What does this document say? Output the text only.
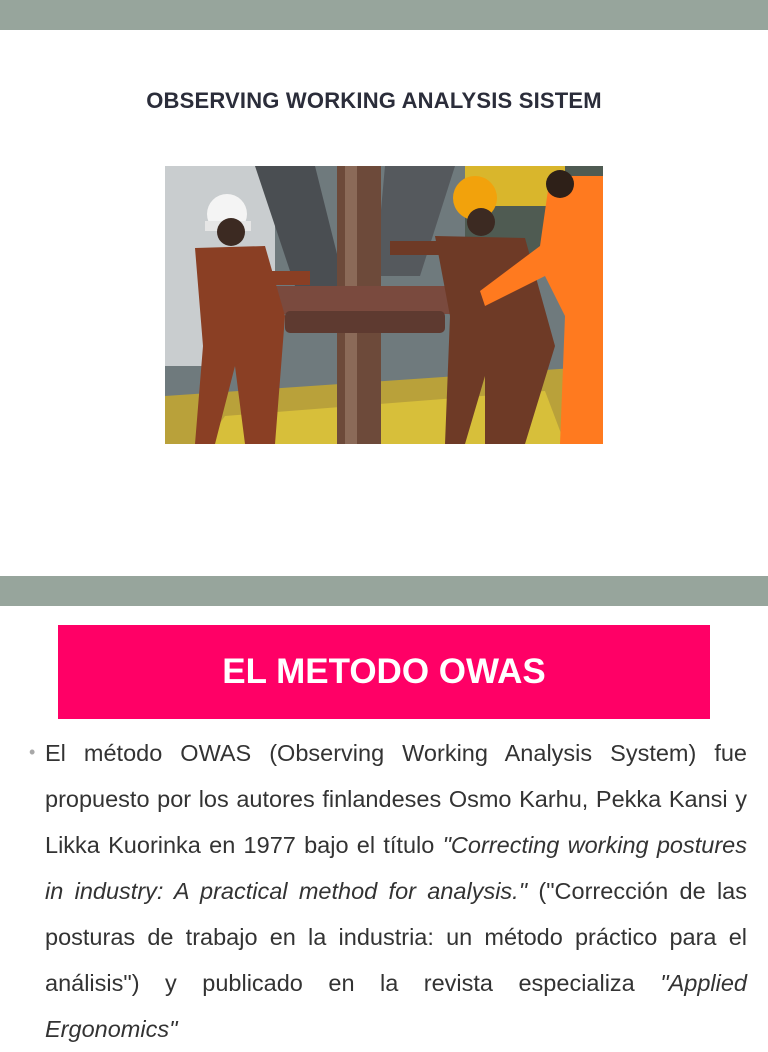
OBSERVING WORKING ANALYSIS SISTEM
EL METODO OWAS
• El método OWAS (Observing Working Analysis System) fue propuesto por los autores finlandeses Osmo Karhu, Pekka Kansi y Likka Kuorinka en 1977 bajo el título "Correcting working postures in industry: A practical method for analysis." ("Corrección de las posturas de trabajo en la industria: un método práctico para el análisis") y publicado en la revista especializa "Applied Ergonomics"
